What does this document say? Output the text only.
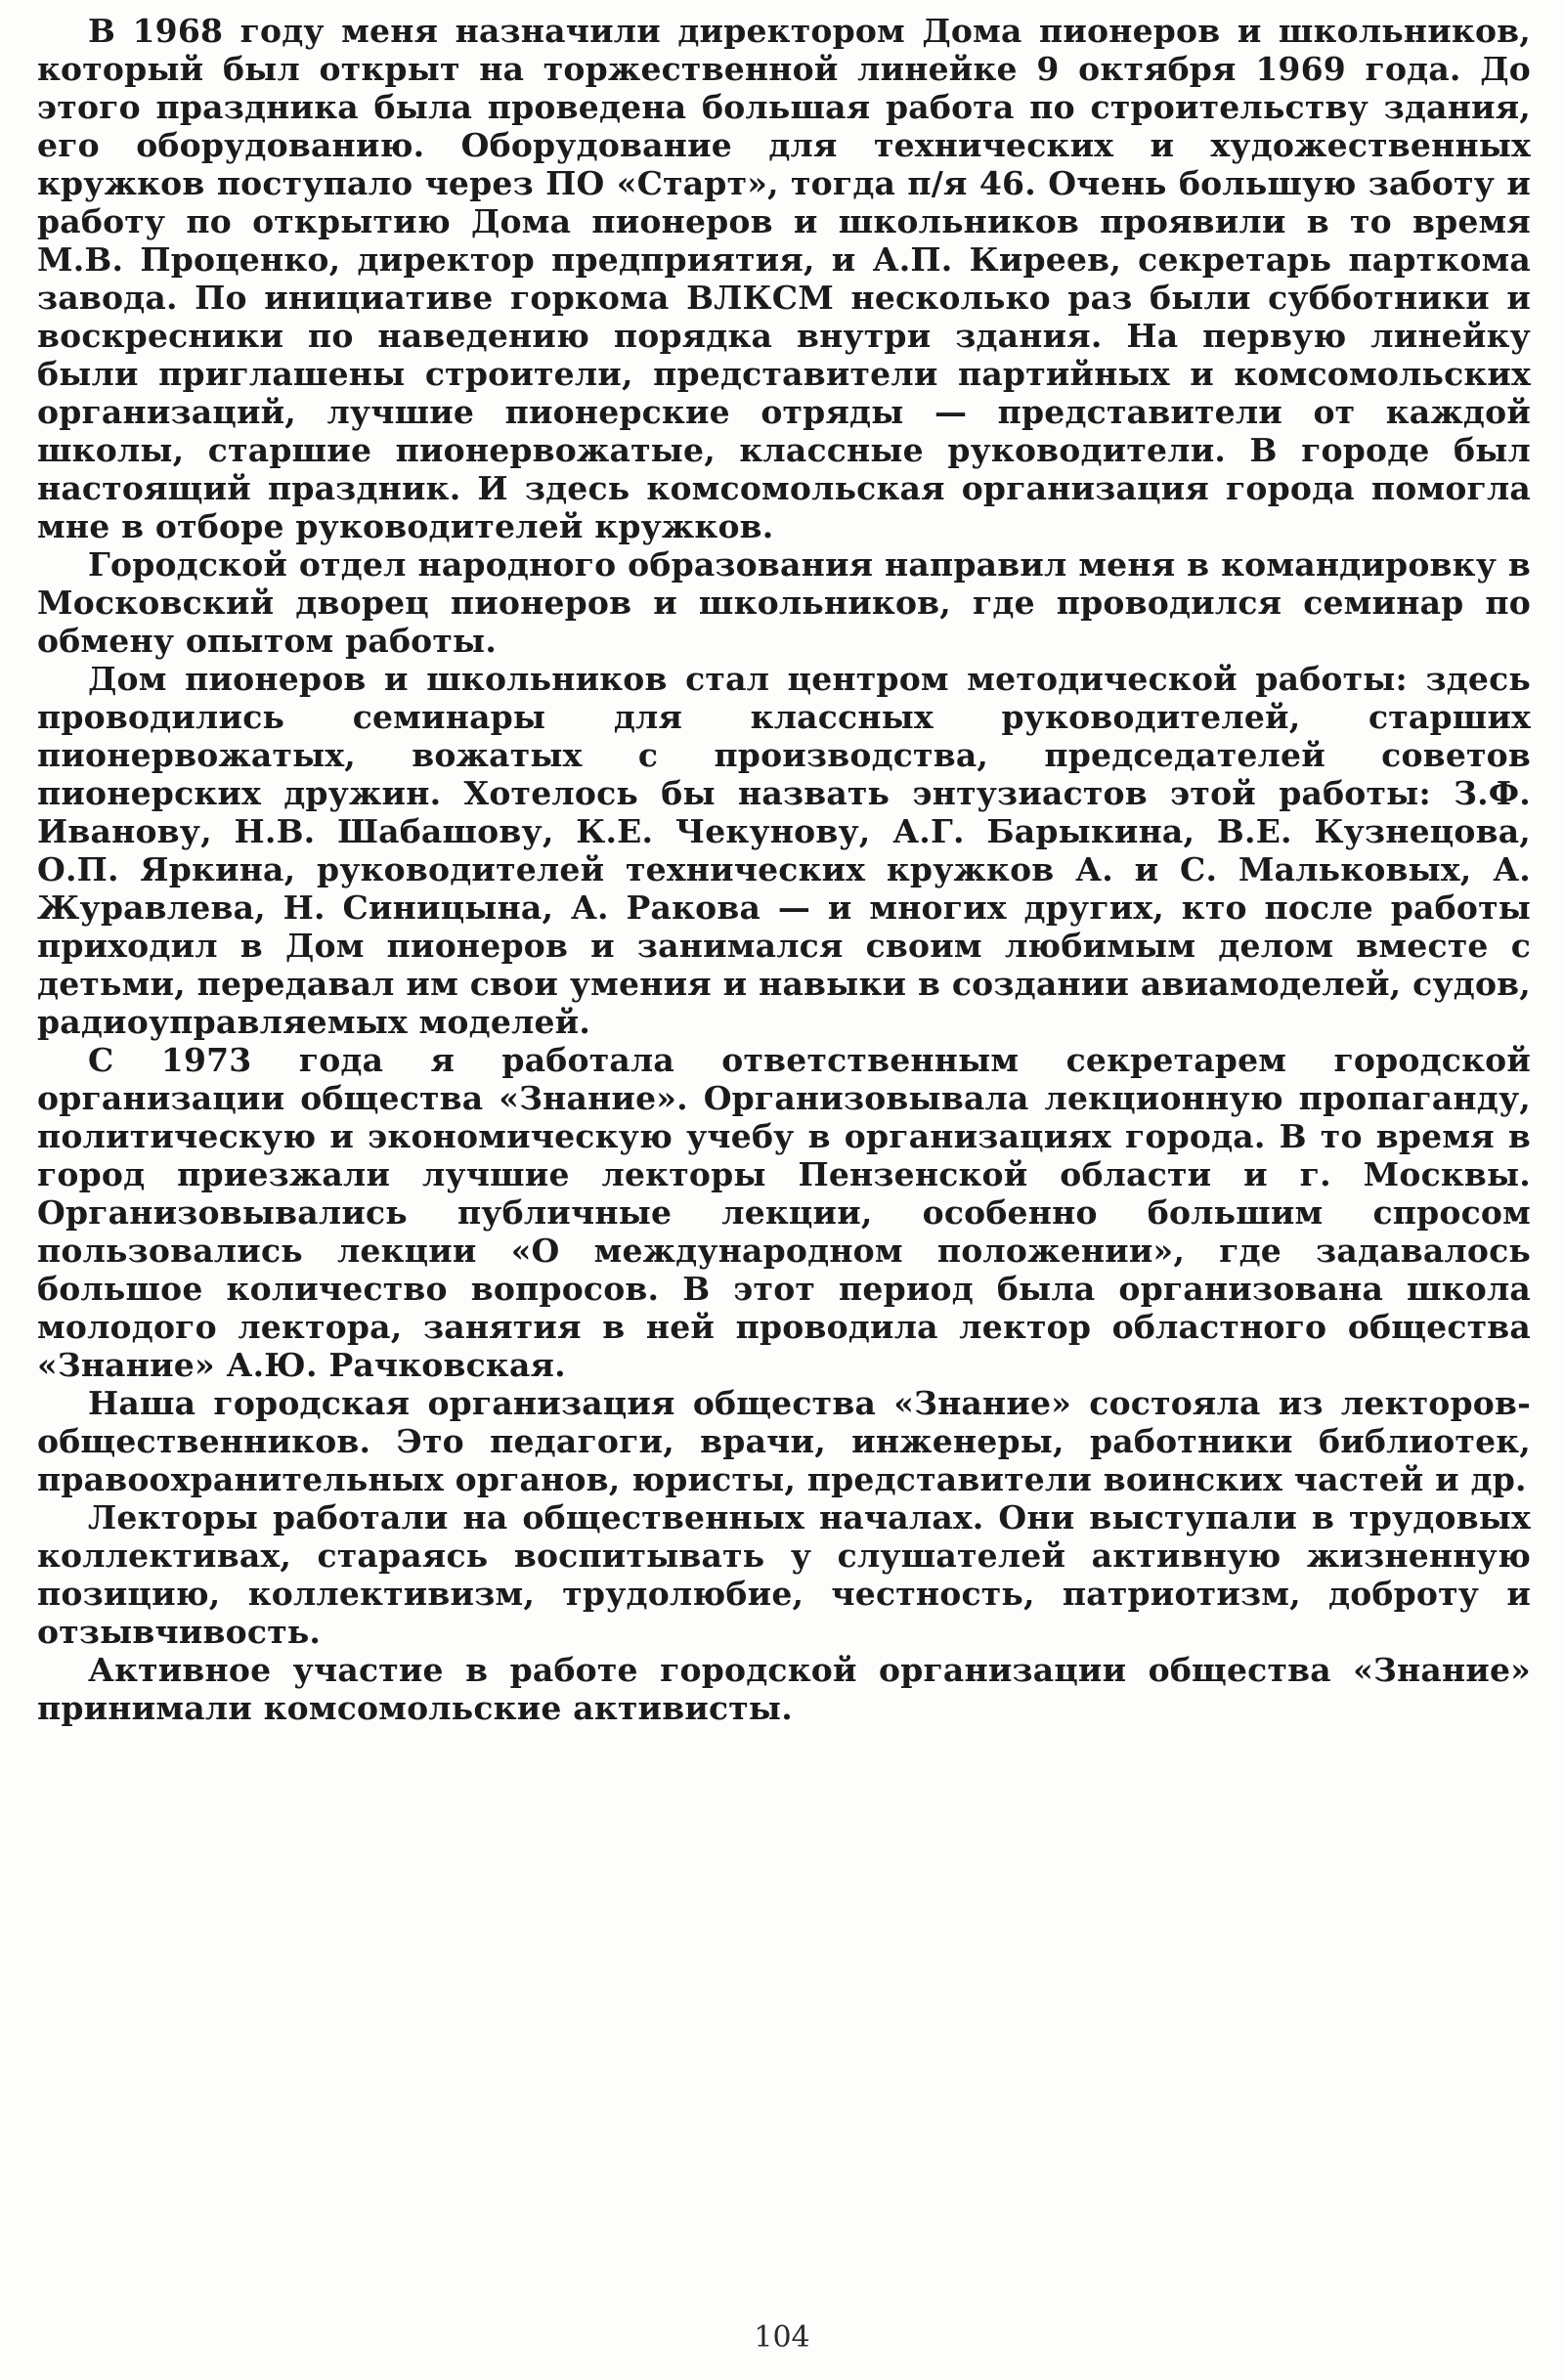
В 1968 году меня назначили директором Дома пионеров и школьников, который был открыт на торжественной линейке 9 октября 1969 года. До этого праздника была проведена большая работа по строительству здания, его оборудованию. Оборудование для технических и художественных кружков поступало через ПО «Старт», тогда п/я 46. Очень большую заботу и работу по открытию Дома пионеров и школьников проявили в то время М.В. Проценко, директор предприятия, и А.П. Киреев, секретарь парткома завода. По инициативе горкома ВЛКСМ несколько раз были субботники и воскресники по наведению порядка внутри здания. На первую линейку были приглашены строители, представители партийных и комсомольских организаций, лучшие пионерские отряды — представители от каждой школы, старшие пионервожатые, классные руководители. В городе был настоящий праздник. И здесь комсомольская организация города помогла мне в отборе руководителей кружков.

Городской отдел народного образования направил меня в командировку в Московский дворец пионеров и школьников, где проводился семинар по обмену опытом работы.

Дом пионеров и школьников стал центром методической работы: здесь проводились семинары для классных руководителей, старших пионервожатых, вожатых с производства, председателей советов пионерских дружин. Хотелось бы назвать энтузиастов этой работы: З.Ф. Иванову, Н.В. Шабашову, К.Е. Чекунову, А.Г. Барыкина, В.Е. Кузнецова, О.П. Яркина, руководителей технических кружков А. и С. Мальковых, А. Журавлева, Н. Синицына, А. Ракова — и многих других, кто после работы приходил в Дом пионеров и занимался своим любимым делом вместе с детьми, передавал им свои умения и навыки в создании авиамоделей, судов, радиоуправляемых моделей.

С 1973 года я работала ответственным секретарем городской организации общества «Знание». Организовывала лекционную пропаганду, политическую и экономическую учебу в организациях города. В то время в город приезжали лучшие лекторы Пензенской области и г. Москвы. Организовывались публичные лекции, особенно большим спросом пользовались лекции «О международном положении», где задавалось большое количество вопросов. В этот период была организована школа молодого лектора, занятия в ней проводила лектор областного общества «Знание» А.Ю. Рачковская.

Наша городская организация общества «Знание» состояла из лекторов-общественников. Это педагоги, врачи, инженеры, работники библиотек, правоохранительных органов, юристы, представители воинских частей и др.

Лекторы работали на общественных началах. Они выступали в трудовых коллективах, стараясь воспитывать у слушателей активную жизненную позицию, коллективизм, трудолюбие, честность, патриотизм, доброту и отзывчивость.

Активное участие в работе городской организации общества «Знание» принимали комсомольские активисты.

104
